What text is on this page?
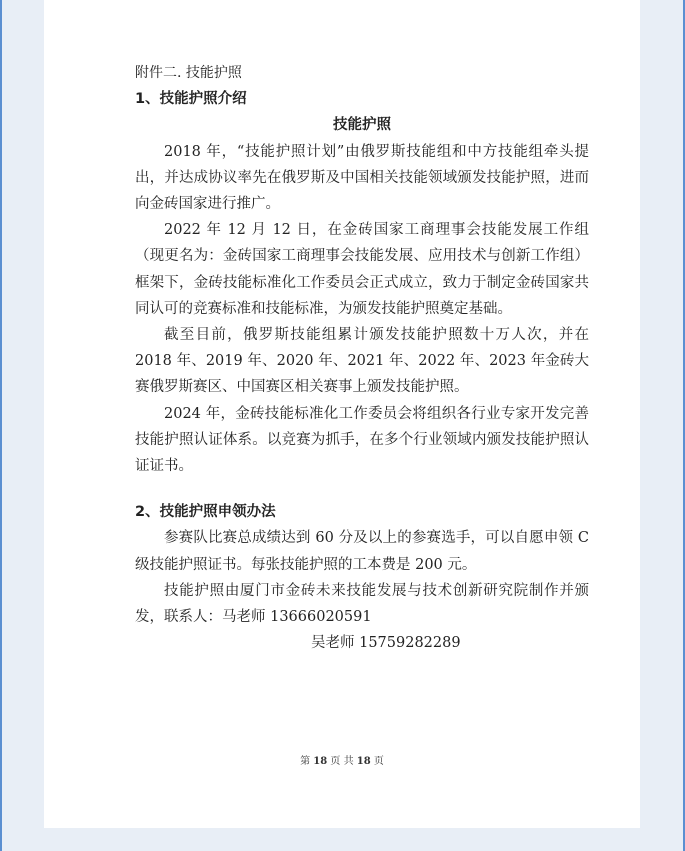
附件二. 技能护照

1、技能护照介绍

技能护照

2018 年，“技能护照计划”由俄罗斯技能组和中方技能组牵头提出，并达成协议率先在俄罗斯及中国相关技能领域颁发技能护照，进而向金砖国家进行推广。

2022 年 12 月 12 日，在金砖国家工商理事会技能发展工作组（现更名为：金砖国家工商理事会技能发展、应用技术与创新工作组）框架下，金砖技能标准化工作委员会正式成立，致力于制定金砖国家共同认可的竞赛标准和技能标准，为颁发技能护照奠定基础。

截至目前，俄罗斯技能组累计颁发技能护照数十万人次，并在 2018 年、2019 年、2020 年、2021 年、2022 年、2023 年金砖大赛俄罗斯赛区、中国赛区相关赛事上颁发技能护照。

2024 年，金砖技能标准化工作委员会将组织各行业专家开发完善技能护照认证体系。以竞赛为抓手，在多个行业领域内颁发技能护照认证证书。

2、技能护照申领办法

参赛队比赛总成绩达到 60 分及以上的参赛选手，可以自愿申领 C 级技能护照证书。每张技能护照的工本费是 200 元。

技能护照由厦门市金砖未来技能发展与技术创新研究院制作并颁发，联系人：马老师 13666020591

吴老师 15759282289

第 18 页 共 18 页
